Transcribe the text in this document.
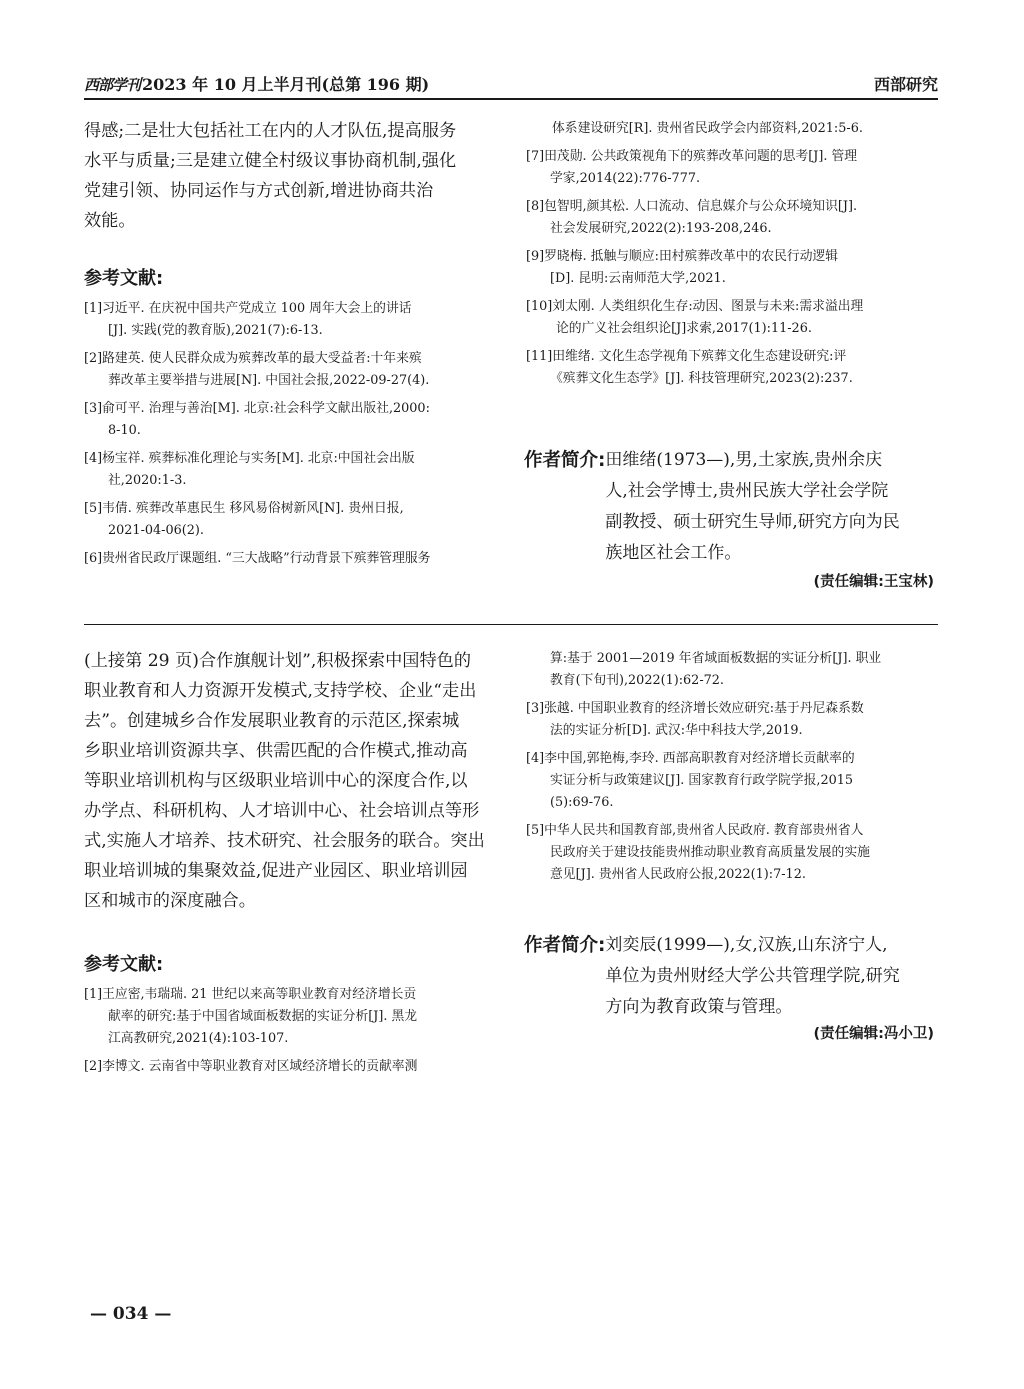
西部学刊 2023 年 10 月上半月刊(总第 196 期)	西部研究

得感;二是壮大包括社工在内的人才队伍,提高服务
水平与质量;三是建立健全村级议事协商机制,强化
党建引领、协同运作与方式创新,增进协商共治
效能。

参考文献:

[1]习近平. 在庆祝中国共产党成立 100 周年大会上的讲话
[J]. 实践(党的教育版),2021(7):6-13.

[2]路建英. 使人民群众成为殡葬改革的最大受益者:十年来殡
葬改革主要举措与进展[N]. 中国社会报,2022-09-27(4).

[3]俞可平. 治理与善治[M]. 北京:社会科学文献出版社,2000:
8-10.

[4]杨宝祥. 殡葬标准化理论与实务[M]. 北京:中国社会出版
社,2020:1-3.

[5]韦倩. 殡葬改革惠民生 移风易俗树新风[N]. 贵州日报,
2021-04-06(2).

[6]贵州省民政厅课题组. “三大战略”行动背景下殡葬管理服务

体系建设研究[R]. 贵州省民政学会内部资料,2021:5-6.

[7]田茂勋. 公共政策视角下的殡葬改革问题的思考[J]. 管理
学家,2014(22):776-777.

[8]包智明,颜其松. 人口流动、信息媒介与公众环境知识[J].
社会发展研究,2022(2):193-208,246.

[9]罗晓梅. 抵触与顺应:田村殡葬改革中的农民行动逻辑
[D]. 昆明:云南师范大学,2021.

[10]刘太刚. 人类组织化生存:动因、图景与未来:需求溢出理
论的广义社会组织论[J]求索,2017(1):11-26.

[11]田维绪. 文化生态学视角下殡葬文化生态建设研究:评
《殡葬文化生态学》[J]. 科技管理研究,2023(2):237.

作者简介: 田维绪(1973—),男,土家族,贵州余庆
人,社会学博士,贵州民族大学社会学院
副教授、硕士研究生导师,研究方向为民
族地区社会工作。
(责任编辑:王宝林)

(上接第 29 页)合作旗舰计划”,积极探索中国特色的
职业教育和人力资源开发模式,支持学校、企业“走出
去”。创建城乡合作发展职业教育的示范区,探索城
乡职业培训资源共享、供需匹配的合作模式,推动高
等职业培训机构与区级职业培训中心的深度合作,以
办学点、科研机构、人才培训中心、社会培训点等形
式,实施人才培养、技术研究、社会服务的联合。突出
职业培训城的集聚效益,促进产业园区、职业培训园
区和城市的深度融合。

参考文献:

[1]王应密,韦瑞瑞. 21 世纪以来高等职业教育对经济增长贡
献率的研究:基于中国省域面板数据的实证分析[J]. 黑龙
江高教研究,2021(4):103-107.

[2]李博文. 云南省中等职业教育对区域经济增长的贡献率测

算:基于 2001—2019 年省域面板数据的实证分析[J]. 职业
教育(下旬刊),2022(1):62-72.

[3]张越. 中国职业教育的经济增长效应研究:基于丹尼森系数
法的实证分析[D]. 武汉:华中科技大学,2019.

[4]李中国,郭艳梅,李玲. 西部高职教育对经济增长贡献率的
实证分析与政策建议[J]. 国家教育行政学院学报,2015
(5):69-76.

[5]中华人民共和国教育部,贵州省人民政府. 教育部贵州省人
民政府关于建设技能贵州推动职业教育高质量发展的实施
意见[J]. 贵州省人民政府公报,2022(1):7-12.

作者简介: 刘奕辰(1999—),女,汉族,山东济宁人,
单位为贵州财经大学公共管理学院,研究
方向为教育政策与管理。
(责任编辑:冯小卫)
— 034 —
